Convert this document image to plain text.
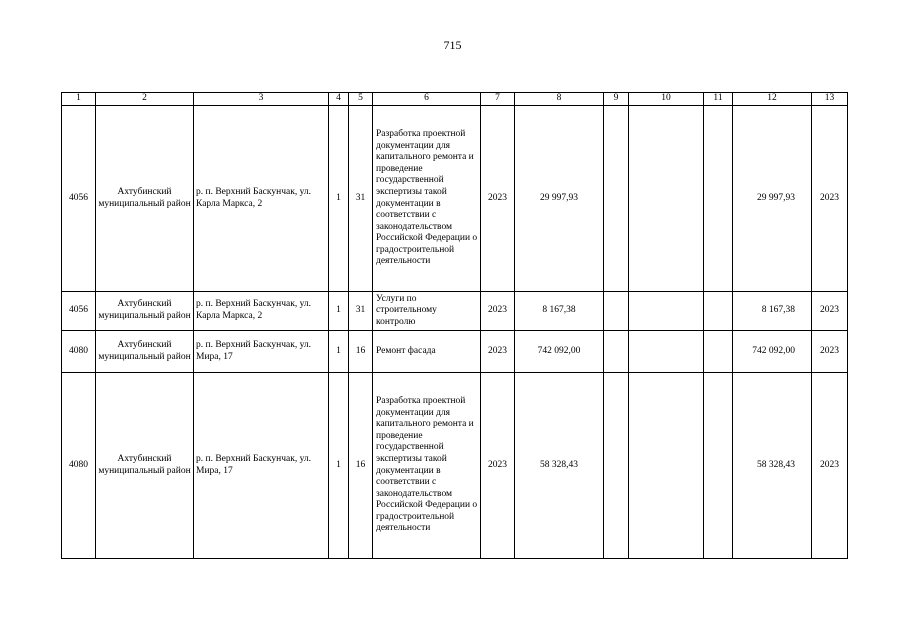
715
1	2	3	4	5	6	7	8	9	10	11	12	13
4056	Ахтубинский муниципальный район	р. п. Верхний Баскунчак, ул. Карла Маркса, 2	1	31	Разработка проектной документации для капитального ремонта и проведение государственной экспертизы такой документации в соответствии с законодательством Российской Федерации о градостроительной деятельности	2023	29 997,93				29 997,93	2023
4056	Ахтубинский муниципальный район	р. п. Верхний Баскунчак, ул. Карла Маркса, 2	1	31	Услуги по строительному контролю	2023	8 167,38				8 167,38	2023
4080	Ахтубинский муниципальный район	р. п. Верхний Баскунчак, ул. Мира, 17	1	16	Ремонт фасада	2023	742 092,00				742 092,00	2023
4080	Ахтубинский муниципальный район	р. п. Верхний Баскунчак, ул. Мира, 17	1	16	Разработка проектной документации для капитального ремонта и проведение государственной экспертизы такой документации в соответствии с законодательством Российской Федерации о градостроительной деятельности	2023	58 328,43				58 328,43	2023
